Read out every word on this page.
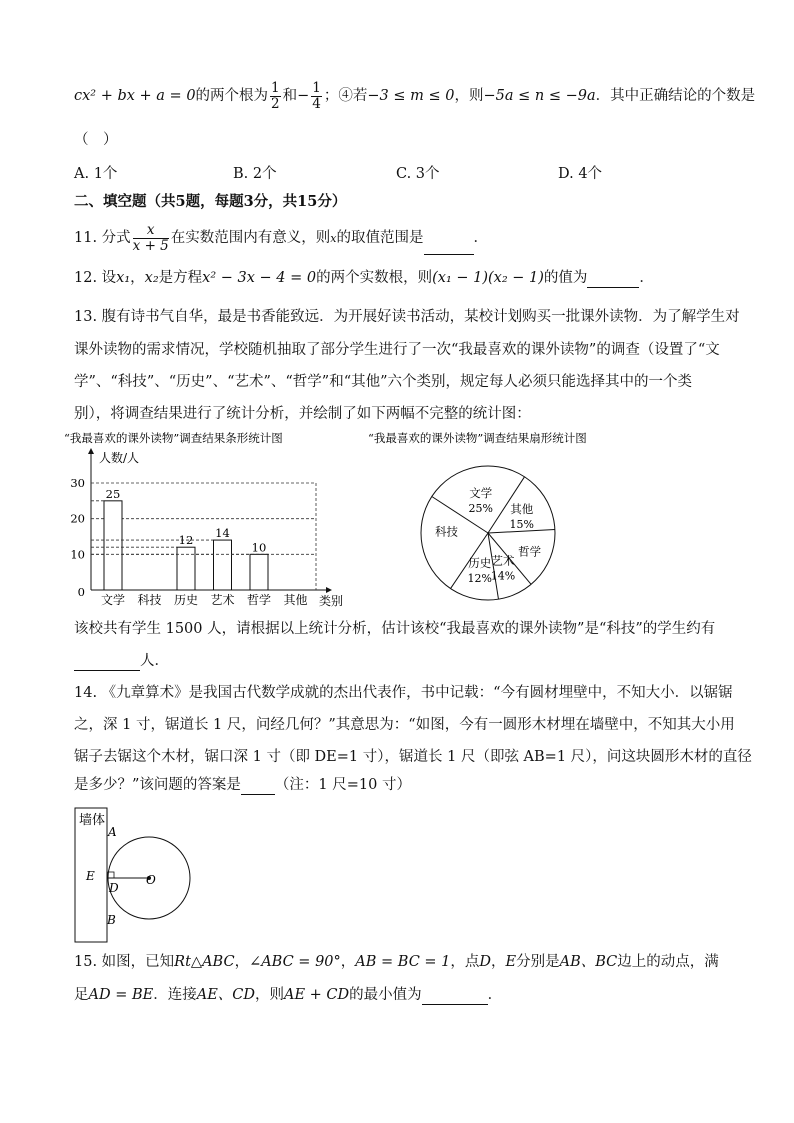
cx² + bx + a = 0的两个根为 $\frac{1}{2}$ 和− $\frac{1}{4}$ ；④若−3 ≤ m ≤ 0，则−5a ≤ n ≤ −9a．其中正确结论的个数是
（　）
A. 1个	B. 2个	C. 3个	D. 4个
二、填空题（共5题，每题3分，共15分）
11. 分式 $\frac{x}{x + 5}$ 在实数范围内有意义，则x的取值范围是	．
12. 设x₁，x₂是方程x² − 3x − 4 = 0的两个实数根，则(x₁ − 1)(x₂ − 1)的值为	．
13. 腹有诗书气自华，最是书香能致远．为开展好读书活动，某校计划购买一批课外读物．为了解学生对
课外读物的需求情况，学校随机抽取了部分学生进行了一次“我最喜欢的课外读物”的调查（设置了“文
学”、“科技”、“历史”、“艺术”、“哲学”和“其他”六个类别，规定每人必须只能选择其中的一个类
别），将调查结果进行了统计分析，并绘制了如下两幅不完整的统计图：
“我最喜欢的课外读物”调查结果条形统计图
人数/人
类别
0
10
20
30
文学
25
科技 历史
12
艺术
14
哲学
10
其他
“我最喜欢的课外读物”调查结果扇形统计图
文学
25% 其他
15%
哲学
艺术
14%
历史
12%
科技
该校共有学生 1500 人，请根据以上统计分析，估计该校“我最喜欢的课外读物”是“科技”的学生约有
人．
14. 《九章算术》是我国古代数学成就的杰出代表作，书中记载：“今有圆材埋壁中，不知大小．以锯锯
之，深 1 寸，锯道长 1 尺，问经几何？”其意思为：“如图，今有一圆形木材埋在墙壁中，不知其大小用
锯子去锯这个木材，锯口深 1 寸（即 DE=1 寸），锯道长 1 尺（即弦 AB=1 尺），问这块圆形木材的直径
是多少？”该问题的答案是 （注：1 尺=10 寸）
墙体
A
B
E
D
O
15. 如图，已知Rt△ABC，∠ABC = 90°，AB = BC = 1，点D，E分别是AB、BC边上的动点，满
足AD = BE．连接AE、CD，则AE + CD的最小值为	．
